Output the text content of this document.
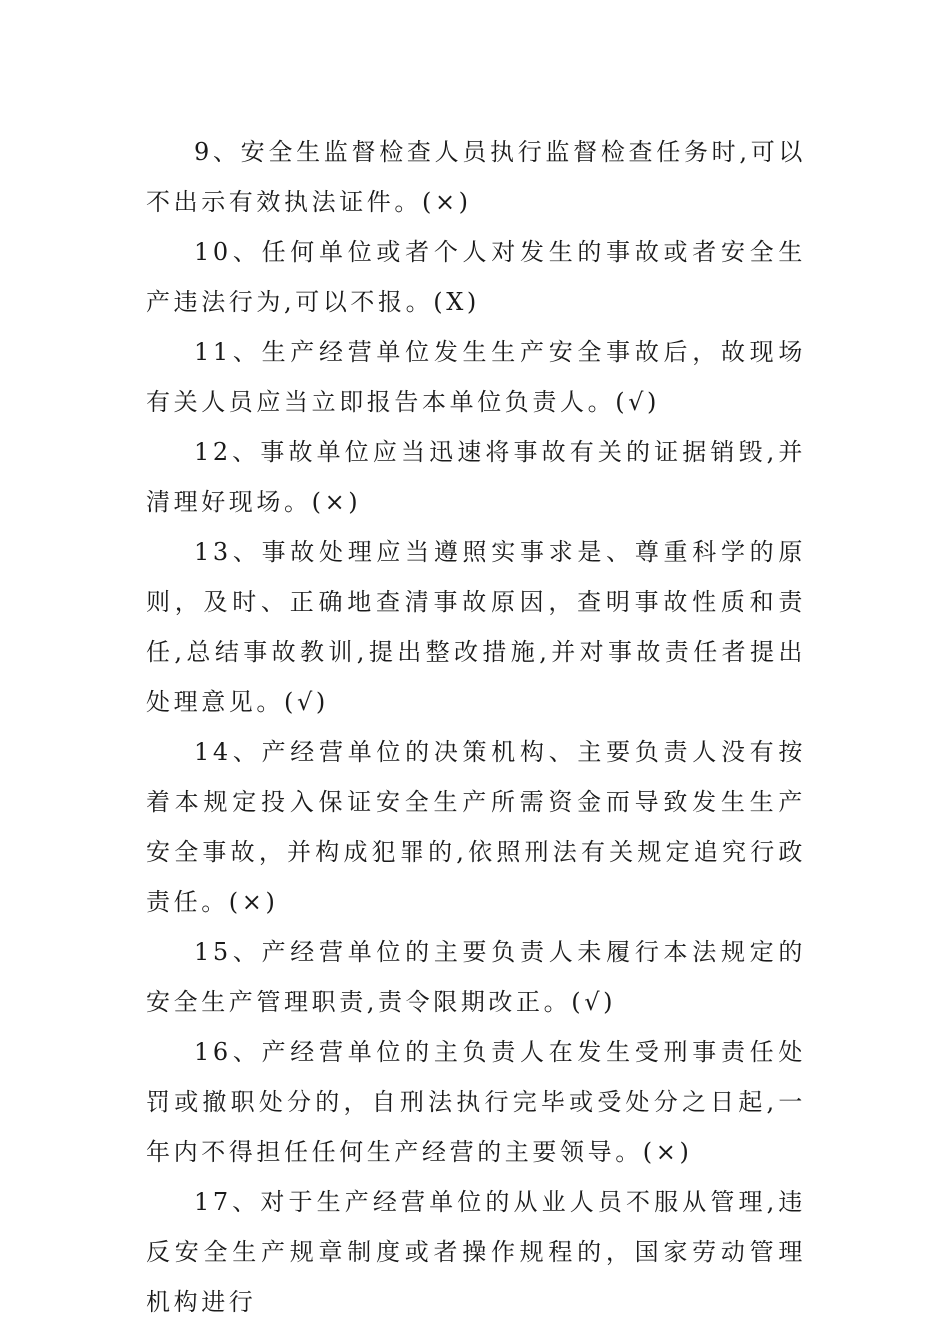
9、安全生监督检查人员执行监督检查任务时,可以不出示有效执法证件。(×)

10、任何单位或者个人对发生的事故或者安全生产违法行为,可以不报。(X)

11、生产经营单位发生生产安全事故后，故现场有关人员应当立即报告本单位负责人。(√)

12、事故单位应当迅速将事故有关的证据销毁,并清理好现场。(×)

13、事故处理应当遵照实事求是、尊重科学的原则，及时、正确地查清事故原因，查明事故性质和责任,总结事故教训,提出整改措施,并对事故责任者提出处理意见。(√)

14、产经营单位的决策机构、主要负责人没有按着本规定投入保证安全生产所需资金而导致发生生产安全事故，并构成犯罪的,依照刑法有关规定追究行政责任。(×)

15、产经营单位的主要负责人未履行本法规定的安全生产管理职责,责令限期改正。(√)

16、产经营单位的主负责人在发生受刑事责任处罚或撤职处分的，自刑法执行完毕或受处分之日起,一年内不得担任任何生产经营的主要领导。(×)

17、对于生产经营单位的从业人员不服从管理,违反安全生产规章制度或者操作规程的，国家劳动管理机构进行
